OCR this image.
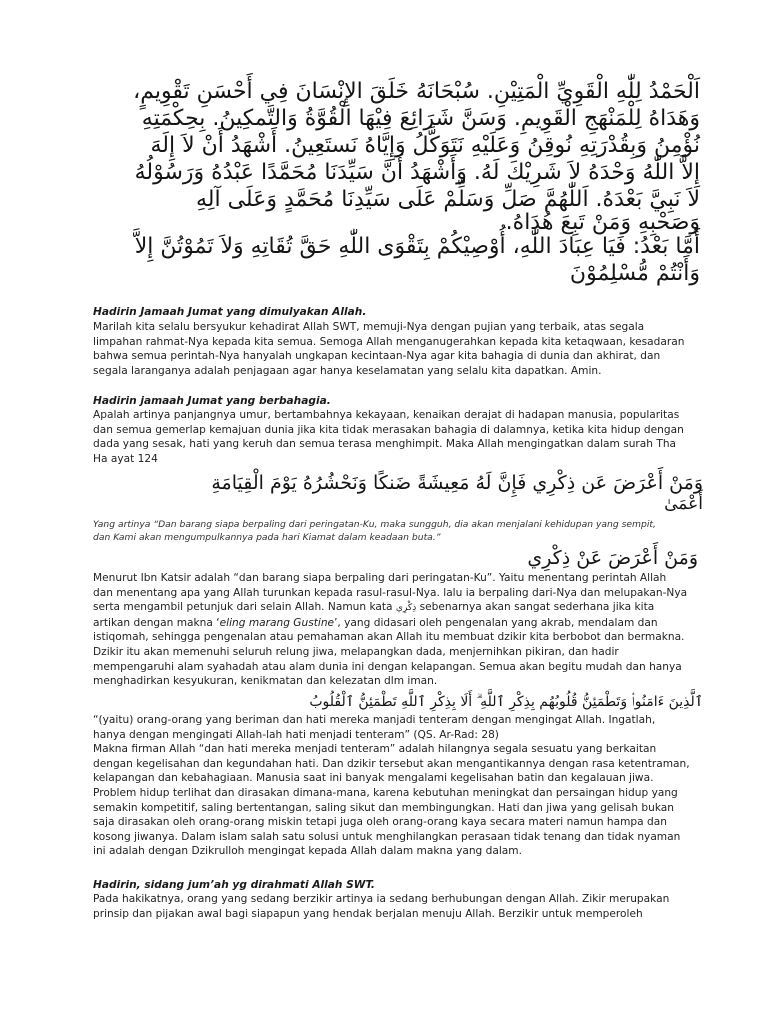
اَلْحَمْدُ لِلّٰهِ الْقَوِيِّ الْمَتِيْنِ. سُبْحَانَهُ خَلَقَ الإِنْسَانَ فِي أَحْسَنِ تَقْوِيمٍ،
وَهَدَاهُ لِلْمَنْهَجِ الْقَوِيمِ. وَسَنَّ شَرَائِعَ فِيْهَا الْقُوَّةُ وَالتَّمكِينُ. بِحِكْمَتِهِ
نُؤْمِنُ وَبِقُدْرَتِهِ نُوقِنُ وَعَلَيْهِ نَتَوَكَّلُ وَإِيَّاهُ نَستَعِينُ. أَشْهَدُ أَنْ لاَ إِلَهَ
إِلاَّ اللّٰهُ وَحْدَهُ لاَ شَرِيْكَ لَهُ. وَأَشْهَدُ أَنَّ سَيِّدَنَا مُحَمَّدًا عَبْدُهُ وَرَسُوْلُهُ
لاَ نَبِيَّ بَعْدَهُ. اَللّٰهُمَّ صَلِّ وَسَلِّمْ عَلَى سَيِّدِنَا مُحَمَّدٍ وَعَلَى آلِهِ
وَصَحْبِهِ وَمَنْ تَبِعَ هُدَاهُ.
أَمَّا بَعْدُ: فَيَا عِبَادَ اللّٰهِ، أُوْصِيْكُمْ بِتَقْوَى اللّٰهِ حَقَّ تُقَاتِهِ وَلاَ تَمُوْتُنَّ إِلاَّ
وَأَنْتُمْ مُّسْلِمُوْنَ
Hadirin Jamaah Jumat yang dimulyakan Allah.
Marilah kita selalu bersyukur kehadirat Allah SWT, memuji-Nya dengan pujian yang terbaik, atas segala
limpahan rahmat-Nya kepada kita semua. Semoga Allah menganugerahkan kepada kita ketaqwaan, kesadaran
bahwa semua perintah-Nya hanyalah ungkapan kecintaan-Nya agar kita bahagia di dunia dan akhirat, dan
segala laranganya adalah penjagaan agar hanya keselamatan yang selalu kita dapatkan. Amin.
Hadirin jamaah Jumat yang berbahagia.
Apalah artinya panjangnya umur, bertambahnya kekayaan, kenaikan derajat di hadapan manusia, popularitas
dan semua gemerlap kemajuan dunia jika kita tidak merasakan bahagia di dalamnya, ketika kita hidup dengan
dada yang sesak, hati yang keruh dan semua terasa menghimpit. Maka Allah mengingatkan dalam surah Tha
Ha ayat 124
وَمَنْ أَعْرَضَ عَن ذِكْرِي فَإِنَّ لَهُ مَعِيشَةً ضَنكًا وَنَحْشُرُهُ يَوْمَ الْقِيَامَةِ
أَعْمَىٰ
Yang artinya “Dan barang siapa berpaling dari peringatan-Ku, maka sungguh, dia akan menjalani kehidupan yang sempit,
dan Kami akan mengumpulkannya pada hari Kiamat dalam keadaan buta.”
وَمَنْ أَعْرَضَ عَنْ ذِكْرِي
Menurut Ibn Katsir adalah “dan barang siapa berpaling dari peringatan-Ku”. Yaitu menentang perintah Allah
dan menentang apa yang Allah turunkan kepada rasul-rasul-Nya. lalu ia berpaling dari-Nya dan melupakan-Nya
serta mengambil petunjuk dari selain Allah. Namun kata ذِكْرِي sebenarnya akan sangat sederhana jika kita
artikan dengan makna ‘eling marang Gustine’, yang didasari oleh pengenalan yang akrab, mendalam dan
istiqomah, sehingga pengenalan atau pemahaman akan Allah itu membuat dzikir kita berbobot dan bermakna.
Dzikir itu akan memenuhi seluruh relung jiwa, melapangkan dada, menjernihkan pikiran, dan hadir
mempengaruhi alam syahadah atau alam dunia ini dengan kelapangan. Semua akan begitu mudah dan hanya
menghadirkan kesyukuran, kenikmatan dan kelezatan dlm iman.
ٱلَّذِينَ ءَامَنُوا۟ وَتَطْمَئِنُّ قُلُوبُهُم بِذِكْرِ ٱللَّهِ ۗ أَلَا بِذِكْرِ ٱللَّهِ تَطْمَئِنُّ ٱلْقُلُوبُ
“(yaitu) orang-orang yang beriman dan hati mereka manjadi tenteram dengan mengingat Allah. Ingatlah,
hanya dengan mengingati Allah-lah hati menjadi tenteram” (QS. Ar-Rad: 28)
Makna firman Allah “dan hati mereka menjadi tenteram” adalah hilangnya segala sesuatu yang berkaitan
dengan kegelisahan dan kegundahan hati. Dan dzikir tersebut akan mengantikannya dengan rasa ketentraman,
kelapangan dan kebahagiaan. Manusia saat ini banyak mengalami kegelisahan batin dan kegalauan jiwa.
Problem hidup terlihat dan dirasakan dimana-mana, karena kebutuhan meningkat dan persaingan hidup yang
semakin kompetitif, saling bertentangan, saling sikut dan membingungkan. Hati dan jiwa yang gelisah bukan
saja dirasakan oleh orang-orang miskin tetapi juga oleh orang-orang kaya secara materi namun hampa dan
kosong jiwanya. Dalam islam salah satu solusi untuk menghilangkan perasaan tidak tenang dan tidak nyaman
ini adalah dengan Dzikrulloh mengingat kepada Allah dalam makna yang dalam.
Hadirin, sidang jum’ah yg dirahmati Allah SWT.
Pada hakikatnya, orang yang sedang berzikir artinya ia sedang berhubungan dengan Allah. Zikir merupakan
prinsip dan pijakan awal bagi siapapun yang hendak berjalan menuju Allah. Berzikir untuk memperoleh
